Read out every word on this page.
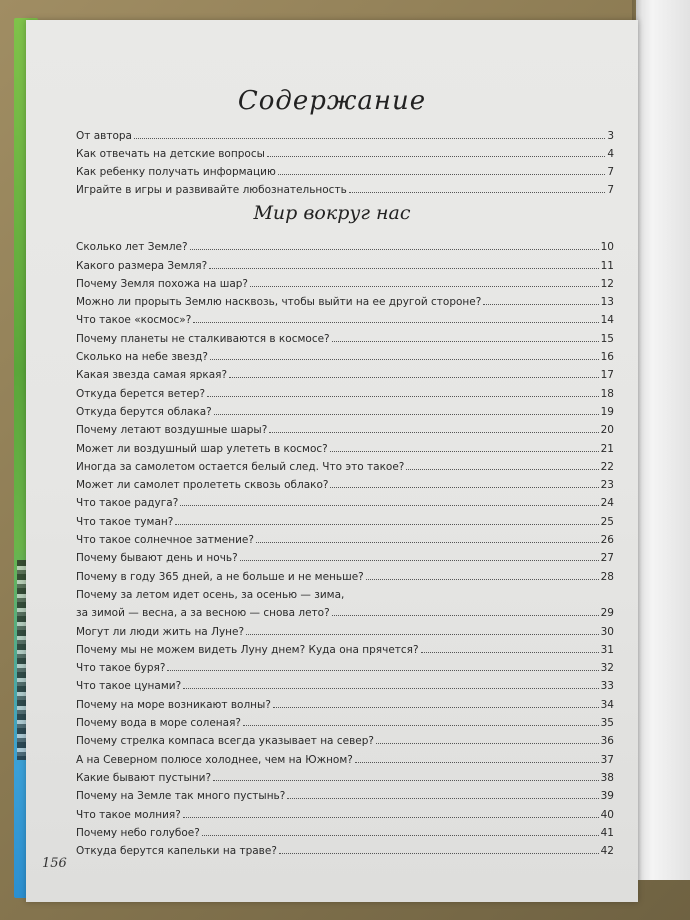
Содержание
От автора	3
Как отвечать на детские вопросы	4
Как ребенку получать информацию	7
Играйте в игры и развивайте любознательность	7
Мир вокруг нас
Сколько лет Земле?	10
Какого размера Земля?	11
Почему Земля похожа на шар?	12
Можно ли прорыть Землю насквозь, чтобы выйти на ее другой стороне?	13
Что такое «космос»?	14
Почему планеты не сталкиваются в космосе?	15
Сколько на небе звезд?	16
Какая звезда самая яркая?	17
Откуда берется ветер?	18
Откуда берутся облака?	19
Почему летают воздушные шары?	20
Может ли воздушный шар улететь в космос?	21
Иногда за самолетом остается белый след. Что это такое?	22
Может ли самолет пролететь сквозь облако?	23
Что такое радуга?	24
Что такое туман?	25
Что такое солнечное затмение?	26
Почему бывают день и ночь?	27
Почему в году 365 дней, а не больше и не меньше?	28
Почему за летом идет осень, за осенью — зима,
за зимой — весна, а за весною — снова лето?	29
Могут ли люди жить на Луне?	30
Почему мы не можем видеть Луну днем? Куда она прячется?	31
Что такое буря?	32
Что такое цунами?	33
Почему на море возникают волны?	34
Почему вода в море соленая?	35
Почему стрелка компаса всегда указывает на север?	36
А на Северном полюсе холоднее, чем на Южном?	37
Какие бывают пустыни?	38
Почему на Земле так много пустынь?	39
Что такое молния?	40
Почему небо голубое?	41
Откуда берутся капельки на траве?	42
156
